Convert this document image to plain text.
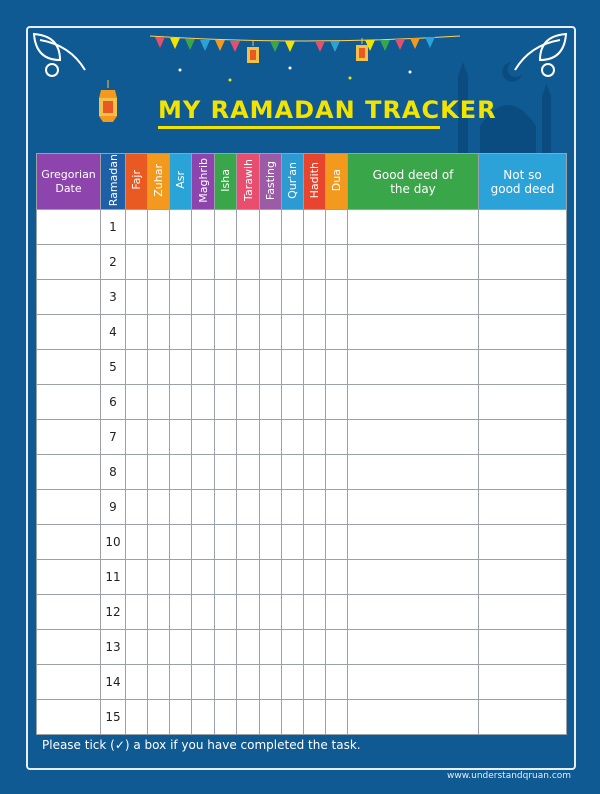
MY RAMADAN TRACKER
Gregorian Date	Ramadan	Fajr	Zuhar	Asr	Maghrib	Isha	Tarawih	Fasting	Qur'an	Hadith	Dua	Good deed of the day	Not so good deed
	1												
	2												
	3												
	4												
	5												
	6												
	7												
	8												
	9												
	10												
	11												
	12												
	13												
	14												
	15												
Please tick (✓) a box if you have completed the task.
www.understandqruan.com
